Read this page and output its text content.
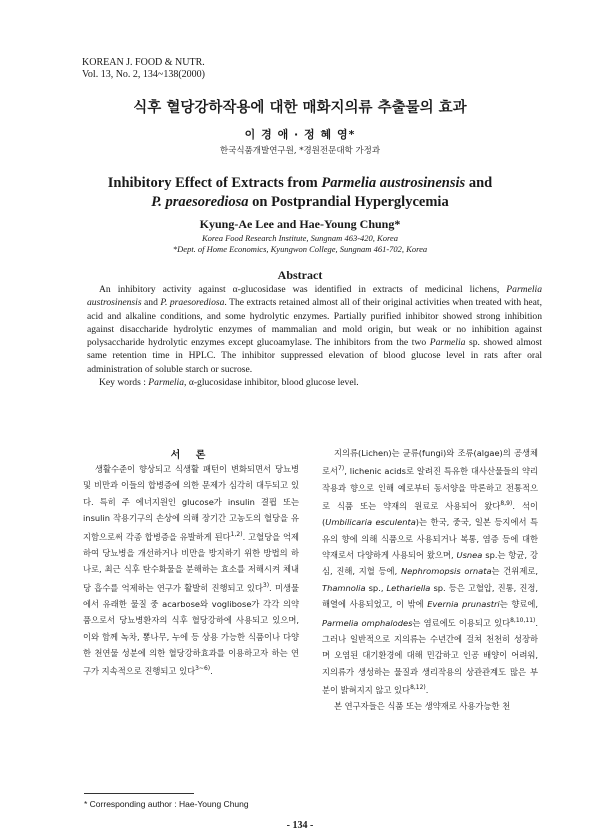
KOREAN J. FOOD & NUTR.
Vol. 13, No. 2, 134~138(2000)
식후 혈당강하작용에 대한 매화지의류 추출물의 효과
이 경 애 · 정 혜 영*
한국식품개발연구원, *경원전문대학 가정과
Inhibitory Effect of Extracts from Parmelia austrosinensis and
P. praesorediosa on Postprandial Hyperglycemia
Kyung-Ae Lee and Hae-Young Chung*
Korea Food Research Institute, Sungnam 463-420, Korea
*Dept. of Home Economics, Kyungwon College, Sungnam 461-702, Korea
Abstract
An inhibitory activity against α-glucosidase was identified in extracts of medicinal lichens, Parmelia austrosinensis and P. praesorediosa. The extracts retained almost all of their original activities when treated with heat, acid and alkaline conditions, and some hydrolytic enzymes. Partially purified inhibitor showed strong inhibition against disaccharide hydrolytic enzymes of mammalian and mold origin, but weak or no inhibition against polysaccharide hydrolytic enzymes except glucoamylase. The inhibitors from the two Parmelia sp. showed almost same retention time in HPLC. The inhibitor suppressed elevation of blood glucose level in rats after oral administration of soluble starch or sucrose.
Key words : Parmelia, α-glucosidase inhibitor, blood glucose level.
서 론

생활수준이 향상되고 식생활 패턴이 변화되면서 당뇨병 및 비만과 이들의 합병증에 의한 문제가 심각히 대두되고 있다. 특히 주 에너지원인 glucose가 insulin 결핍 또는 insulin 작용기구의 손상에 의해 장기간 고농도의 혈당을 유지함으로써 각종 합병증을 유발하게 된다$^{1,2)}$. 고혈당을 억제하여 당뇨병을 개선하거나 비만을 방지하기 위한 방법의 하나로, 최근 식후 탄수화물을 분해하는 효소를 저해시켜 체내 당 흡수를 억제하는 연구가 활발히 진행되고 있다$^{3)}$. 미생물에서 유래한 물질 중 acarbose와 voglibose가 각각 의약품으로서 당뇨병환자의 식후 혈당강하에 사용되고 있으며, 이와 함께 녹차, 뽕나무, 누에 등 상용 가능한 식품이나 다양한 천연물 성분에 의한 혈당강하효과를 이용하고자 하는 연구가 지속적으로 진행되고 있다$^{3\sim 6)}$.

지의류(Lichen)는 균류(fungi)와 조류(algae)의 공생체로서$^{7)}$, lichenic acids로 알려진 특유한 대사산물들의 약리작용과 향으로 인해 예로부터 동서양을 막론하고 전통적으로 식품 또는 약재의 원료로 사용되어 왔다$^{8,9)}$. 석이(Umbilicaria esculenta)는 한국, 중국, 일본 등지에서 특유의 향에 의해 식품으로 사용되거나 복통, 염증 등에 대한 약재로서 다양하게 사용되어 왔으며, Usnea sp.는 항균, 강심, 진해, 지혈 등에, Nephromopsis ornata는 건위제로, Thamnolia sp., Lethariella sp. 등은 고혈압, 진통, 진정, 해열에 사용되었고, 이 밖에 Evernia prunastri는 향료에, Parmelia omphalodes는 염료에도 이용되고 있다$^{8,10,11)}$. 그러나 일반적으로 지의류는 수년간에 걸쳐 천천히 성장하며 오염된 대기환경에 대해 민감하고 인공 배양이 어려워, 지의류가 생성하는 물질과 생리작용의 상관관계도 많은 부분이 밝혀지지 않고 있다$^{8,12)}$.

본 연구자들은 식품 또는 생약재로 사용가능한 천

* Corresponding author : Hae-Young Chung
- 134 -
